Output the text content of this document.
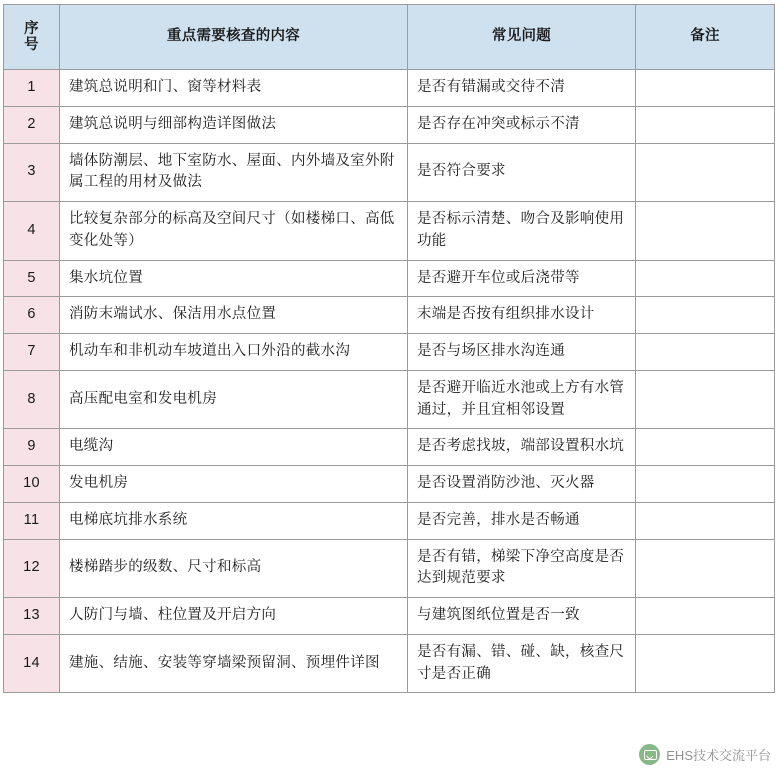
序
号	重点需要核查的内容	常见问题	备注
1	建筑总说明和门、窗等材料表	是否有错漏或交待不清	
2	建筑总说明与细部构造详图做法	是否存在冲突或标示不清	
3	墙体防潮层、地下室防水、屋面、内外墙及室外附属工程的用材及做法	是否符合要求	
4	比较复杂部分的标高及空间尺寸（如楼梯口、高低变化处等）	是否标示清楚、吻合及影响使用功能	
5	集水坑位置	是否避开车位或后浇带等	
6	消防末端试水、保洁用水点位置	末端是否按有组织排水设计	
7	机动车和非机动车坡道出入口外沿的截水沟	是否与场区排水沟连通	
8	高压配电室和发电机房	是否避开临近水池或上方有水管通过，并且宜相邻设置	
9	电缆沟	是否考虑找坡，端部设置积水坑	
10	发电机房	是否设置消防沙池、灭火器	
11	电梯底坑排水系统	是否完善，排水是否畅通	
12	楼梯踏步的级数、尺寸和标高	是否有错，梯梁下净空高度是否达到规范要求	
13	人防门与墙、柱位置及开启方向	与建筑图纸位置是否一致	
14	建施、结施、安装等穿墙梁预留洞、预埋件详图	是否有漏、错、碰、缺，核查尺寸是否正确	
EHS技术交流平台
